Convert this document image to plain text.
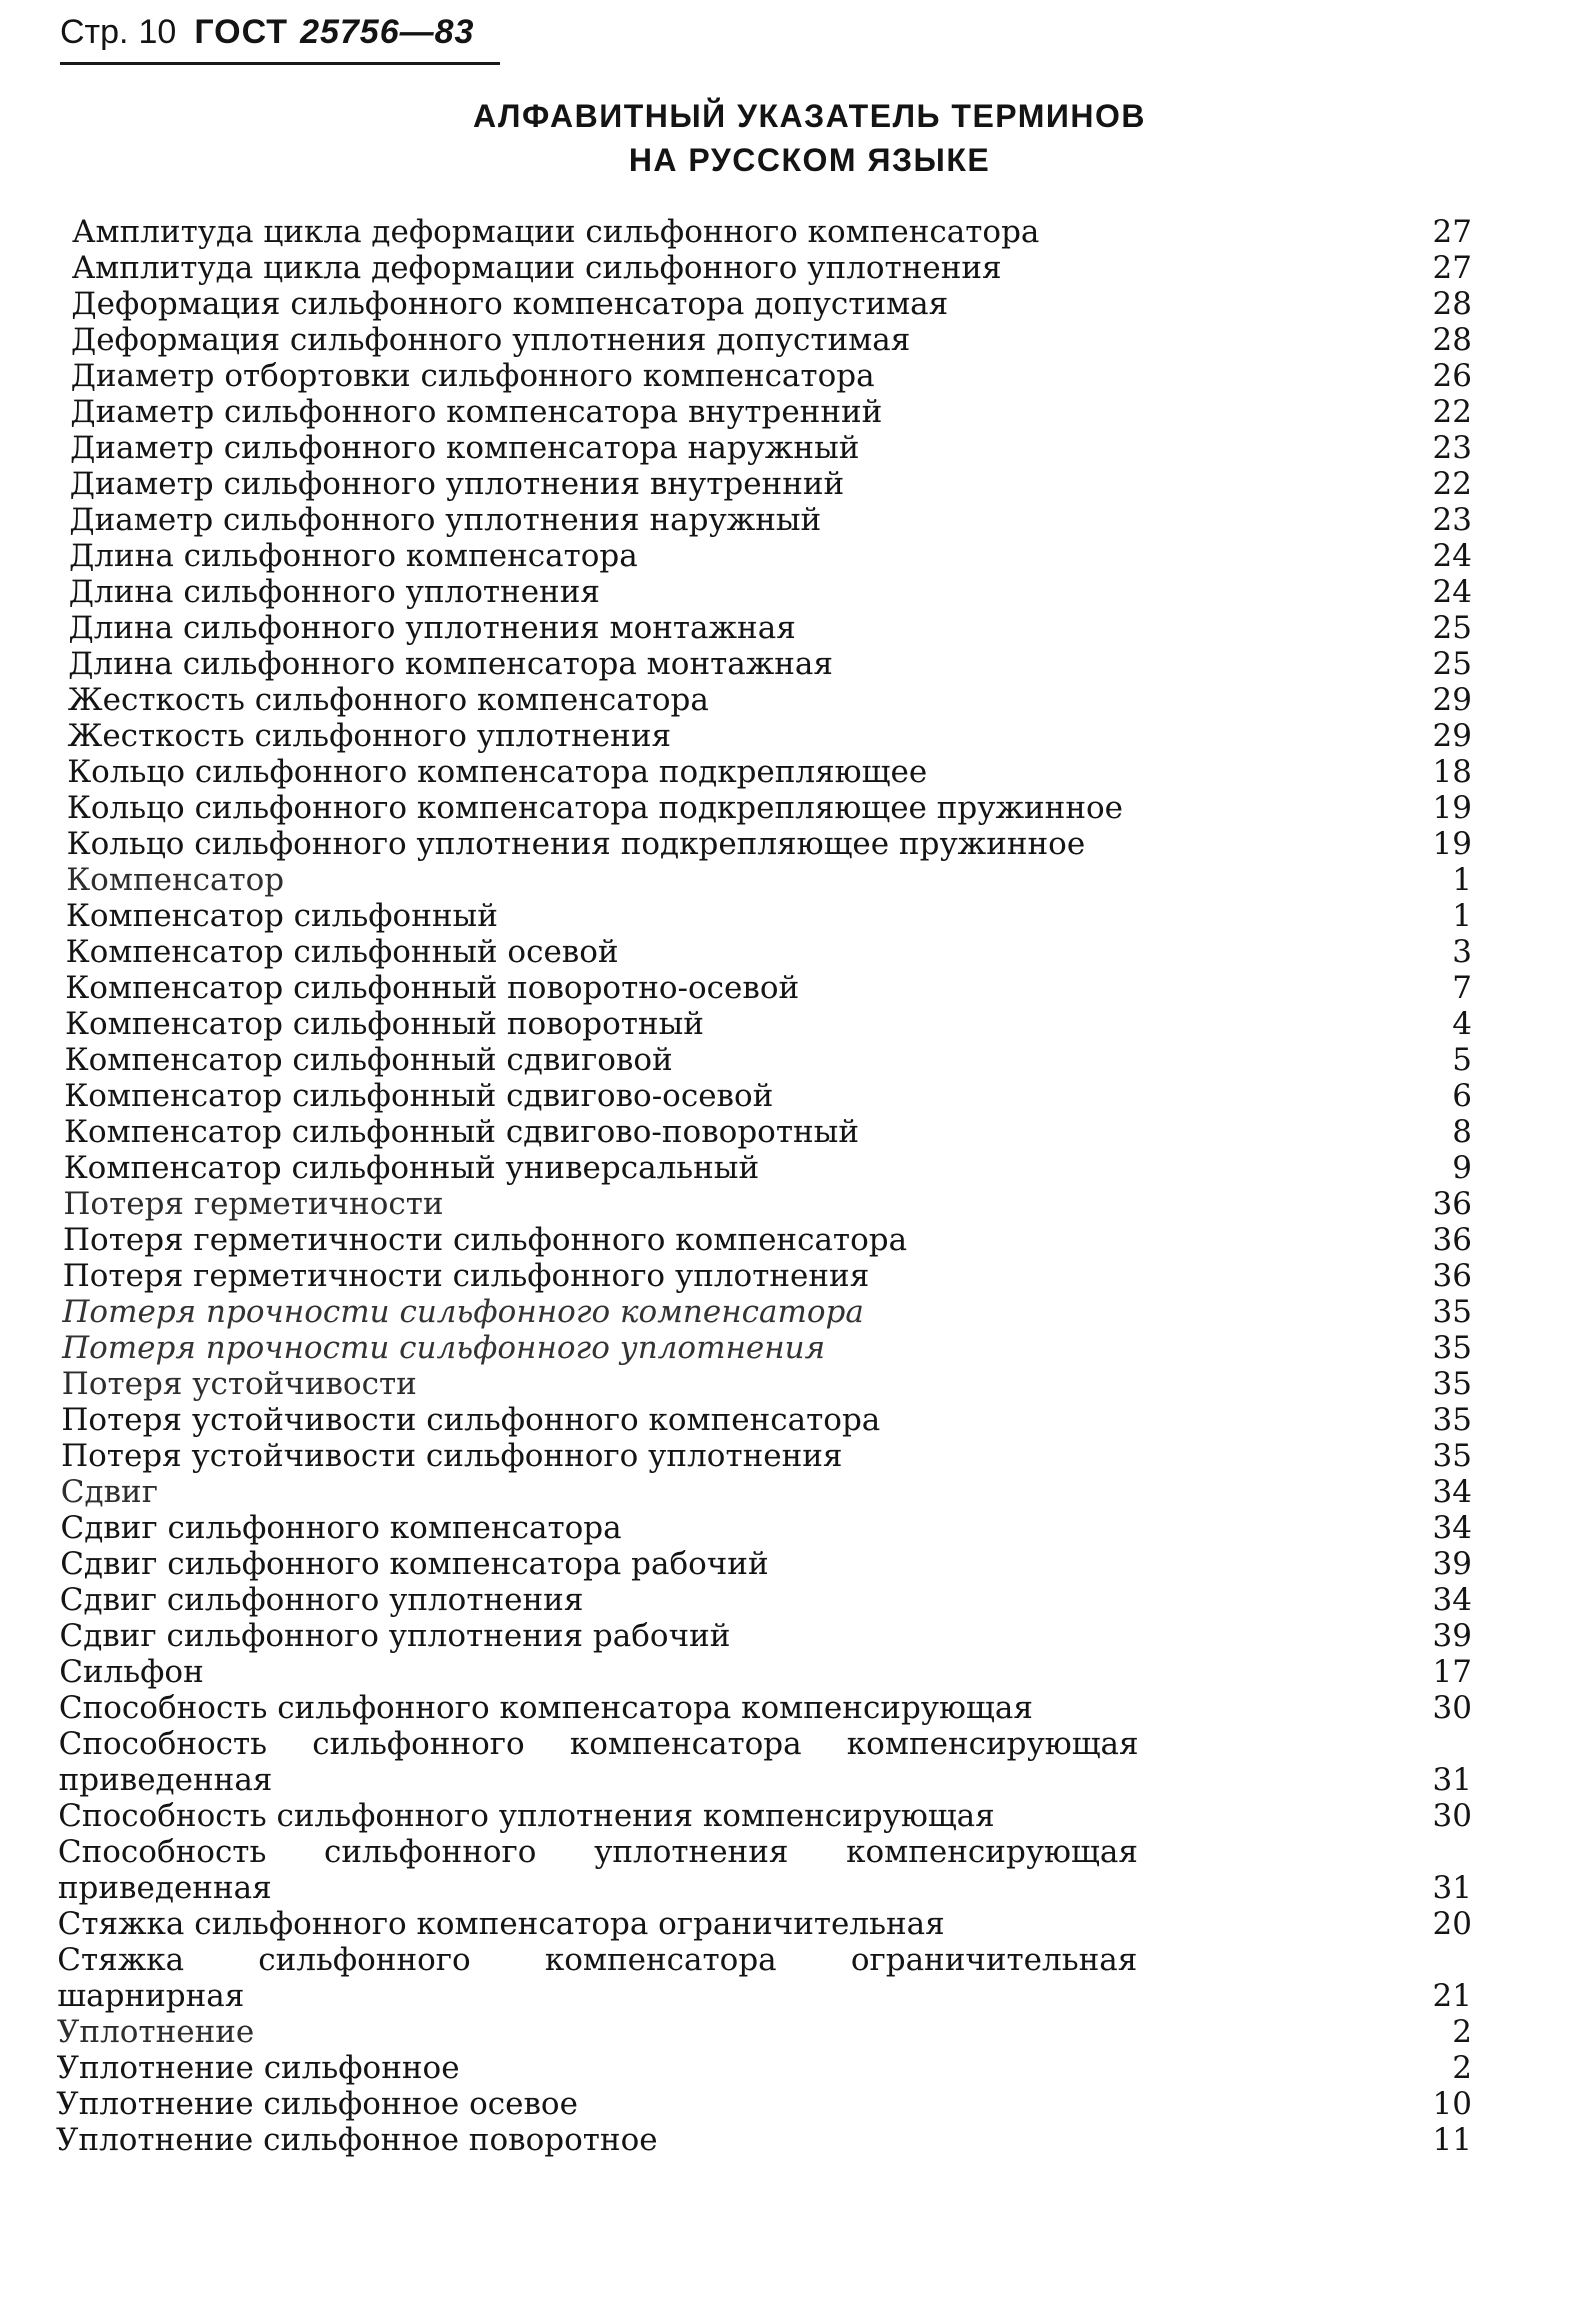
Стр. 10 ГОСТ 25756—83
АЛФАВИТНЫЙ УКАЗАТЕЛЬ ТЕРМИНОВ
НА РУССКОМ ЯЗЫКЕ
Амплитуда цикла деформации сильфонного компенсатора	27
Амплитуда цикла деформации сильфонного уплотнения	27
Деформация сильфонного компенсатора допустимая	28
Деформация сильфонного уплотнения допустимая	28
Диаметр отбортовки сильфонного компенсатора	26
Диаметр сильфонного компенсатора внутренний	22
Диаметр сильфонного компенсатора наружный	23
Диаметр сильфонного уплотнения внутренний	22
Диаметр сильфонного уплотнения наружный	23
Длина сильфонного компенсатора	24
Длина сильфонного уплотнения	24
Длина сильфонного уплотнения монтажная	25
Длина сильфонного компенсатора монтажная	25
Жесткость сильфонного компенсатора	29
Жесткость сильфонного уплотнения	29
Кольцо сильфонного компенсатора подкрепляющее	18
Кольцо сильфонного компенсатора подкрепляющее пружинное	19
Кольцо сильфонного уплотнения подкрепляющее пружинное	19
Компенсатор	1
Компенсатор сильфонный	1
Компенсатор сильфонный осевой	3
Компенсатор сильфонный поворотно-осевой	7
Компенсатор сильфонный поворотный	4
Компенсатор сильфонный сдвиговой	5
Компенсатор сильфонный сдвигово-осевой	6
Компенсатор сильфонный сдвигово-поворотный	8
Компенсатор сильфонный универсальный	9
Потеря герметичности	36
Потеря герметичности сильфонного компенсатора	36
Потеря герметичности сильфонного уплотнения	36
Потеря прочности сильфонного компенсатора	35
Потеря прочности сильфонного уплотнения	35
Потеря устойчивости	35
Потеря устойчивости сильфонного компенсатора	35
Потеря устойчивости сильфонного уплотнения	35
Сдвиг	34
Сдвиг сильфонного компенсатора	34
Сдвиг сильфонного компенсатора рабочий	39
Сдвиг сильфонного уплотнения	34
Сдвиг сильфонного уплотнения рабочий	39
Сильфон	17
Способность сильфонного компенсатора компенсирующая	30
Способность сильфонного компенсатора компенсирующая приведенная	31
Способность сильфонного уплотнения компенсирующая	30
Способность сильфонного уплотнения компенсирующая приведенная	31
Стяжка сильфонного компенсатора ограничительная	20
Стяжка сильфонного компенсатора ограничительная шарнирная	21
Уплотнение	2
Уплотнение сильфонное	2
Уплотнение сильфонное осевое	10
Уплотнение сильфонное поворотное	11
